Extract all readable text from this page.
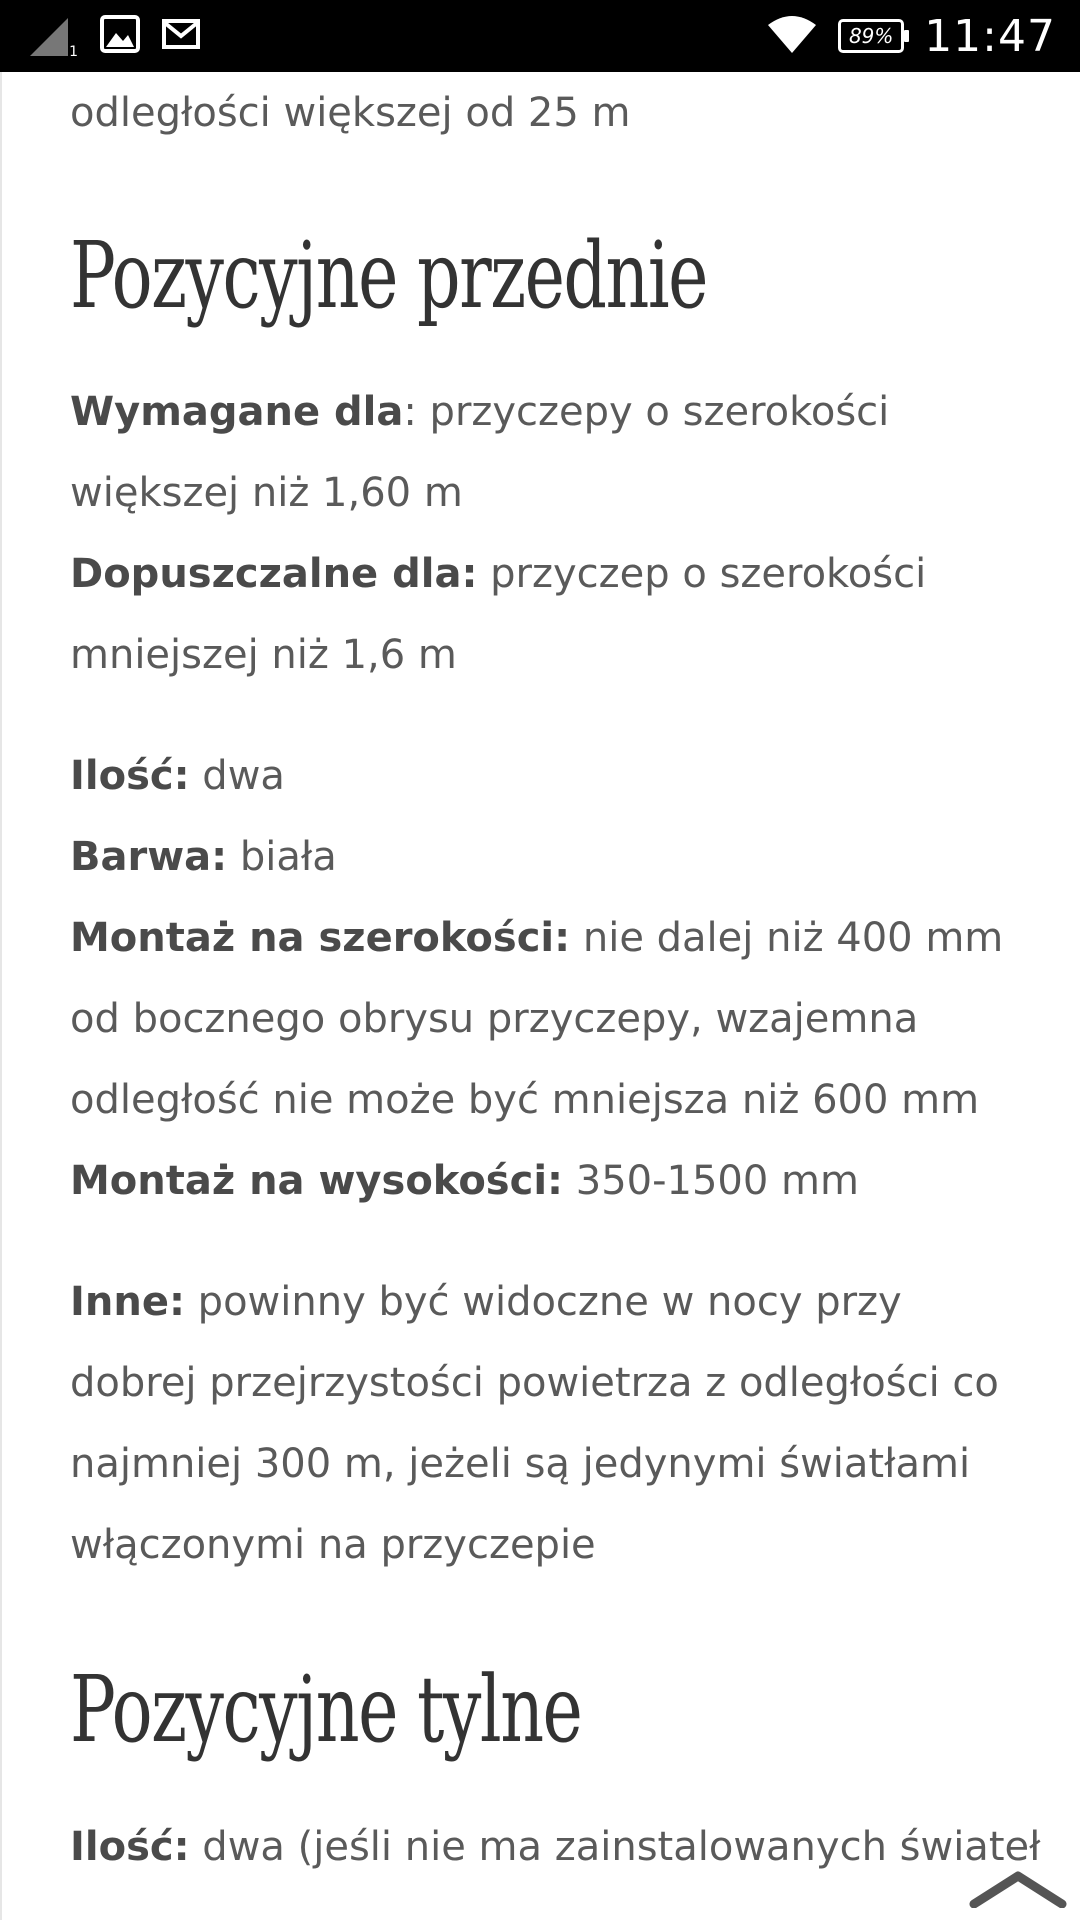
1
89% 11:47

odległości większej od 25 m

Pozycyjne przednie

Wymagane dla: przyczepy o szerokości większej niż 1,60 m

Dopuszczalne dla: przyczep o szerokości mniejszej niż 1,6 m

Ilość: dwa

Barwa: biała

Montaż na szerokości: nie dalej niż 400 mm od bocznego obrysu przyczepy, wzajemna odległość nie może być mniejsza niż 600 mm

Montaż na wysokości: 350-1500 mm

Inne: powinny być widoczne w nocy przy dobrej przejrzystości powietrza z odległości co najmniej 300 m, jeżeli są jedynymi światłami włączonymi na przyczepie

Pozycyjne tylne

Ilość: dwa (jeśli nie ma zainstalowanych świateł
